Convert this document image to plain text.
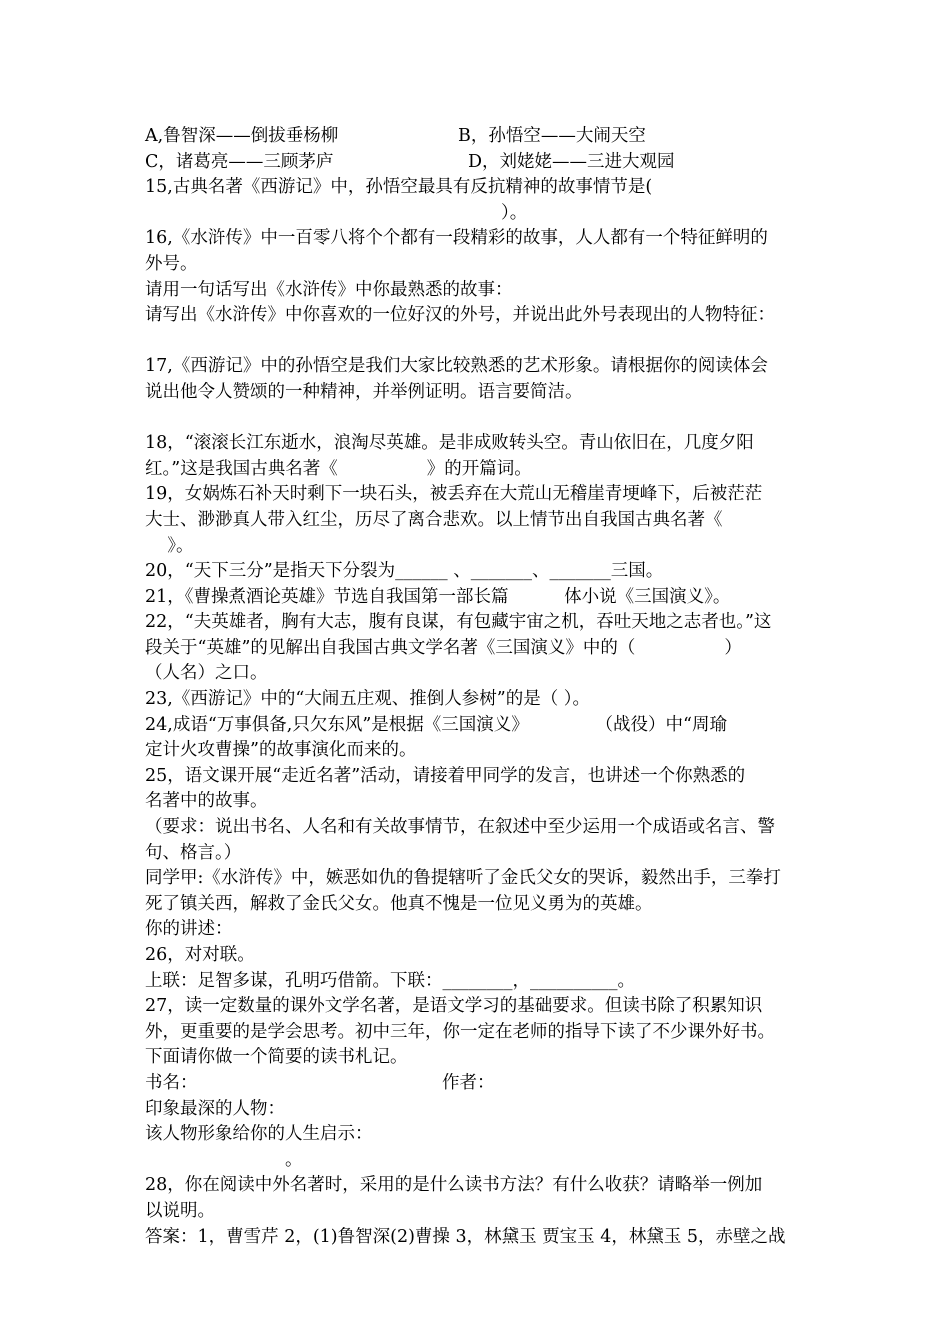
A,鲁智深——倒拔垂杨柳	B，孙悟空——大闹天空
C，诸葛亮——三顾茅庐	D，刘姥姥——三进大观园
15,古典名著《西游记》中，孙悟空最具有反抗精神的故事情节是(
）。
16,《水浒传》中一百零八将个个都有一段精彩的故事，人人都有一个特征鲜明的
外号。
请用一句话写出《水浒传》中你最熟悉的故事：
请写出《水浒传》中你喜欢的一位好汉的外号，并说出此外号表现出的人物特征：
17,《西游记》中的孙悟空是我们大家比较熟悉的艺术形象。请根据你的阅读体会
说出他令人赞颂的一种精神，并举例证明。语言要简洁。
18，“滚滚长江东逝水，浪淘尽英雄。是非成败转头空。青山依旧在，几度夕阳
红。”这是我国古典名著《                》的开篇词。
19，女娲炼石补天时剩下一块石头，被丢弃在大荒山无稽崖青埂峰下，后被茫茫
大士、渺渺真人带入红尘，历尽了离合悲欢。以上情节出自我国古典名著《
》。
20，“天下三分”是指天下分裂为______ 、_______、_______三国。
21，《曹操煮酒论英雄》节选自我国第一部长篇          体小说《三国演义》。
22，“夫英雄者，胸有大志，腹有良谋，有包藏宇宙之机，吞吐天地之志者也。”这
段关于“英雄”的见解出自我国古典文学名著《三国演义》中的（                ）
（人名）之口。
23,《西游记》中的“大闹五庄观、推倒人参树”的是（ ）。
24,成语“万事俱备,只欠东风”是根据《三国演义》            （战役）中“周瑜
定计火攻曹操”的故事演化而来的。
25，语文课开展“走近名著”活动，请接着甲同学的发言，也讲述一个你熟悉的
名著中的故事。
（要求：说出书名、人名和有关故事情节，在叙述中至少运用一个成语或名言、警
句、格言。）
同学甲:《水浒传》中，嫉恶如仇的鲁提辖听了金氏父女的哭诉，毅然出手，三拳打
死了镇关西，解救了金氏父女。他真不愧是一位见义勇为的英雄。
你的讲述：
26，对对联。
上联：足智多谋，孔明巧借箭。下联：________，__________。
27，读一定数量的课外文学名著，是语文学习的基础要求。但读书除了积累知识
外，更重要的是学会思考。初中三年，你一定在老师的指导下读了不少课外好书。
下面请你做一个简要的读书札记。
书名：	作者：
印象最深的人物：
该人物形象给你的人生启示：
。
28，你在阅读中外名著时，采用的是什么读书方法？有什么收获？请略举一例加
以说明。
答案：1，曹雪芹 2，(1)鲁智深(2)曹操 3，林黛玉 贾宝玉 4，林黛玉 5，赤壁之战
